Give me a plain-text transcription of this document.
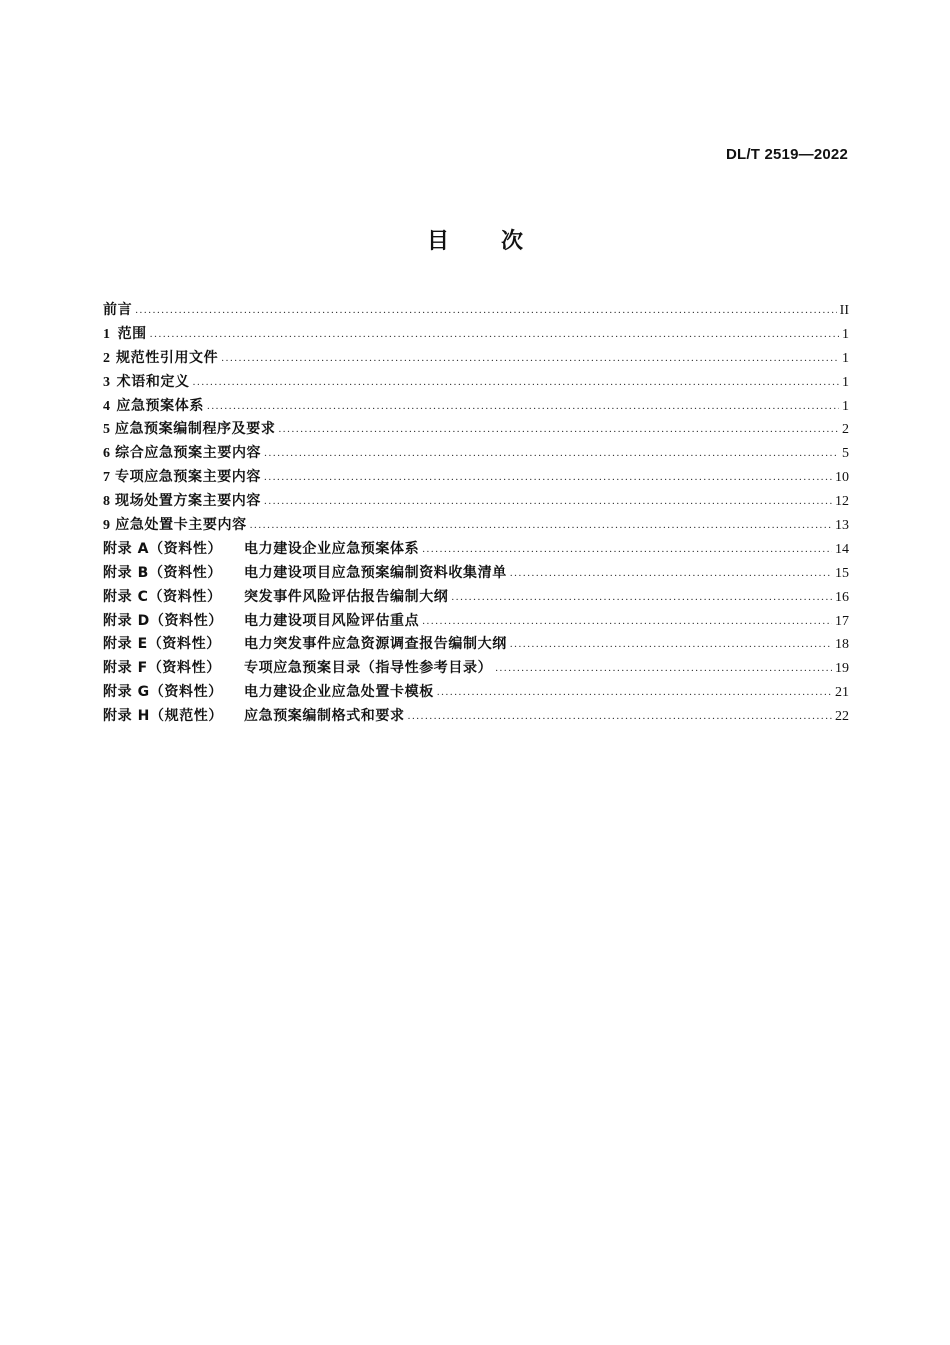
DL/T 2519—2022
目 次
前言 .....	II
1 范围 .....	1
2 规范性引用文件 .....	1
3 术语和定义 .....	1
4 应急预案体系 .....	1
5 应急预案编制程序及要求 .....	2
6 综合应急预案主要内容 .....	5
7 专项应急预案主要内容 .....	10
8 现场处置方案主要内容 .....	12
9 应急处置卡主要内容 .....	13
附录 A（资料性）	电力建设企业应急预案体系 .....	14
附录 B（资料性）	电力建设项目应急预案编制资料收集清单 .....	15
附录 C（资料性）	突发事件风险评估报告编制大纲 .....	16
附录 D（资料性）	电力建设项目风险评估重点 .....	17
附录 E（资料性）	电力突发事件应急资源调查报告编制大纲 .....	18
附录 F（资料性）	专项应急预案目录（指导性参考目录） .....	19
附录 G（资料性）	电力建设企业应急处置卡模板 .....	21
附录 H（规范性）	应急预案编制格式和要求 .....	22
